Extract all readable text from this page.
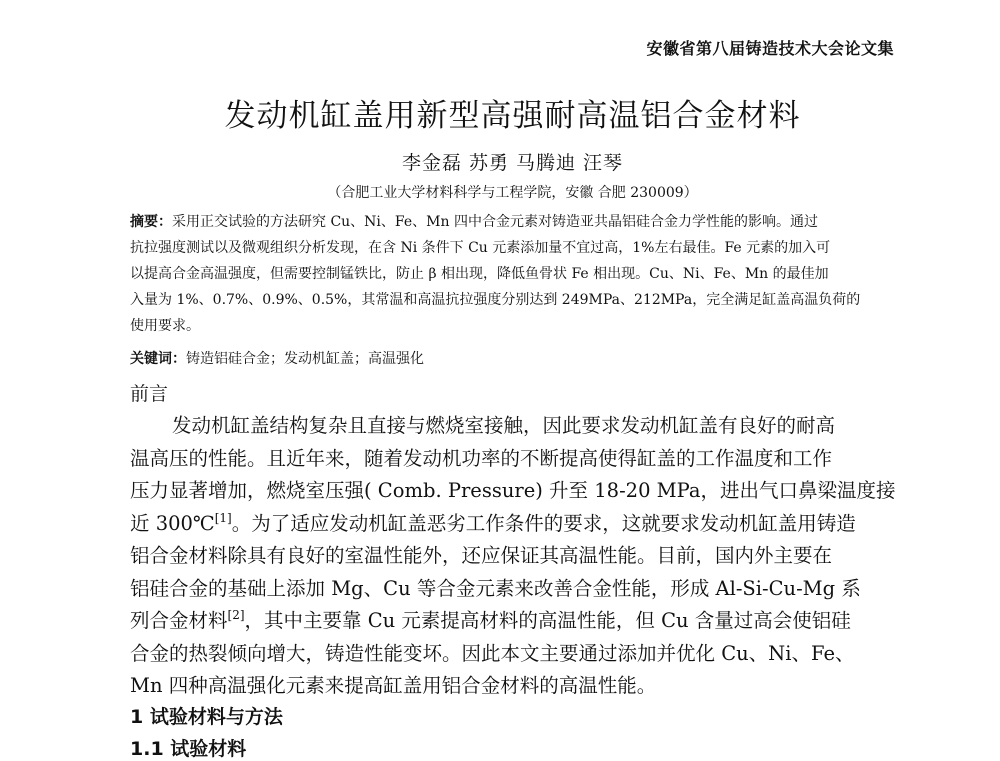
安徽省第八届铸造技术大会论文集
发动机缸盖用新型高强耐高温铝合金材料
李金磊 苏勇 马腾迪 汪琴
（合肥工业大学材料科学与工程学院，安徽 合肥 230009）
摘要：采用正交试验的方法研究 Cu、Ni、Fe、Mn 四中合金元素对铸造亚共晶铝硅合金力学性能的影响。通过
抗拉强度测试以及微观组织分析发现，在含 Ni 条件下 Cu 元素添加量不宜过高，1%左右最佳。Fe 元素的加入可
以提高合金高温强度，但需要控制锰铁比，防止 β 相出现，降低鱼骨状 Fe 相出现。Cu、Ni、Fe、Mn 的最佳加
入量为 1%、0.7%、0.9%、0.5%，其常温和高温抗拉强度分别达到 249MPa、212MPa，完全满足缸盖高温负荷的
使用要求。
关键词：铸造铝硅合金；发动机缸盖；高温强化
前言
发动机缸盖结构复杂且直接与燃烧室接触，因此要求发动机缸盖有良好的耐高
温高压的性能。且近年来，随着发动机功率的不断提高使得缸盖的工作温度和工作
压力显著增加，燃烧室压强( Comb. Pressure) 升至 18-20 MPa，进出气口鼻梁温度接
近 300℃[1]。为了适应发动机缸盖恶劣工作条件的要求，这就要求发动机缸盖用铸造
铝合金材料除具有良好的室温性能外，还应保证其高温性能。目前，国内外主要在
铝硅合金的基础上添加 Mg、Cu 等合金元素来改善合金性能，形成 Al-Si-Cu-Mg 系
列合金材料[2]，其中主要靠 Cu 元素提高材料的高温性能，但 Cu 含量过高会使铝硅
合金的热裂倾向增大，铸造性能变坏。因此本文主要通过添加并优化 Cu、Ni、Fe、
Mn 四种高温强化元素来提高缸盖用铝合金材料的高温性能。
1 试验材料与方法
1.1 试验材料
